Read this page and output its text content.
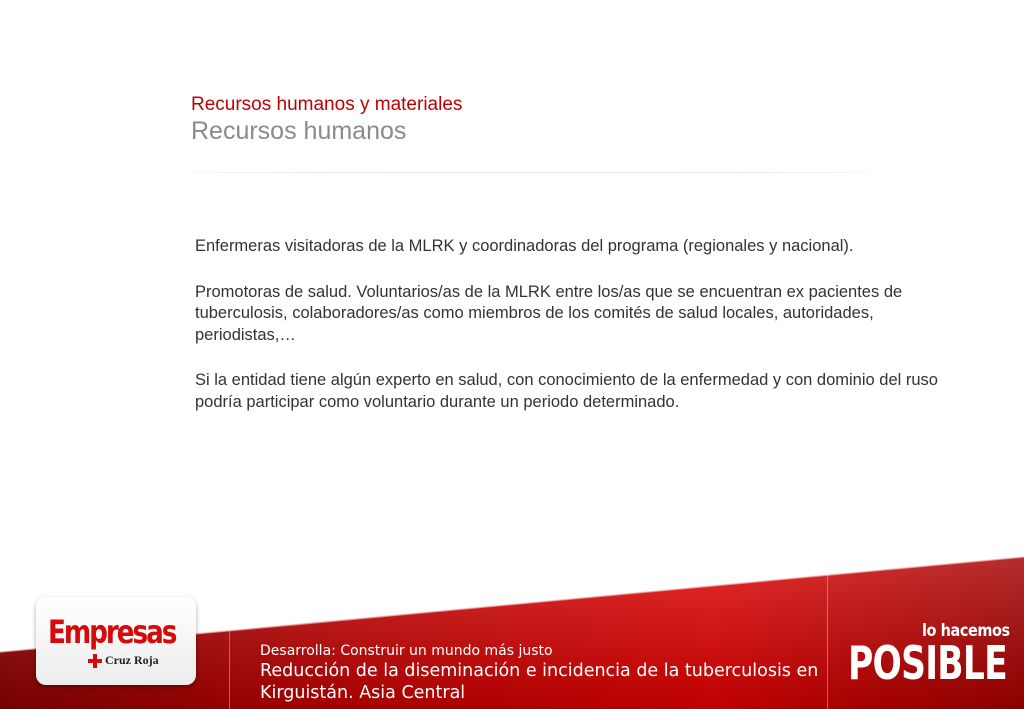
Recursos humanos y materiales
Recursos humanos

Enfermeras visitadoras de la MLRK y coordinadoras del programa (regionales y nacional).

Promotoras de salud. Voluntarios/as de la MLRK entre los/as que se encuentran ex pacientes de tuberculosis, colaboradores/as como miembros de los comités de salud locales, autoridades, periodistas,…

Si la entidad tiene algún experto en salud, con conocimiento de la enfermedad y con dominio del ruso podría participar como voluntario durante un periodo determinado.

Empresas
Cruz Roja
Desarrolla: Construir un mundo más justo
Reducción de la diseminación e incidencia de la tuberculosis en Kirguistán. Asia Central
lo hacemos
POSIBLE
